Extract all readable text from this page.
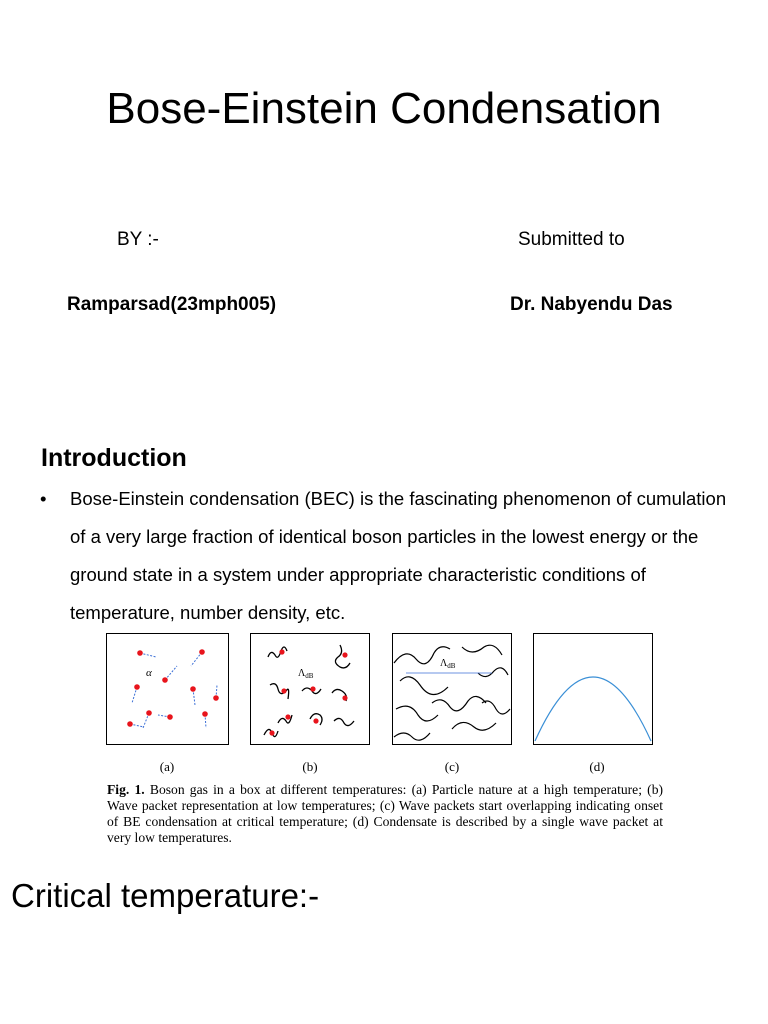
Bose-Einstein Condensation
BY :-	Submitted to
Ramparsad(23mph005)	Dr. Nabyendu Das
Introduction
• Bose-Einstein condensation (BEC) is the fascinating phenomenon of cumulation of a very large fraction of identical boson particles in the lowest energy or the ground state in a system under appropriate characteristic conditions of temperature, number density, etc.
α
(a)
$\Lambda_{dB}$
(b)
$\Lambda_{dB}$
(c)	(d)
Fig. 1. Boson gas in a box at different temperatures: (a) Particle nature at a high temperature; (b) Wave packet representation at low temperatures; (c) Wave packets start overlapping indicating onset of BE condensation at critical temperature; (d) Condensate is described by a single wave packet at very low temperatures.
Critical temperature:-
